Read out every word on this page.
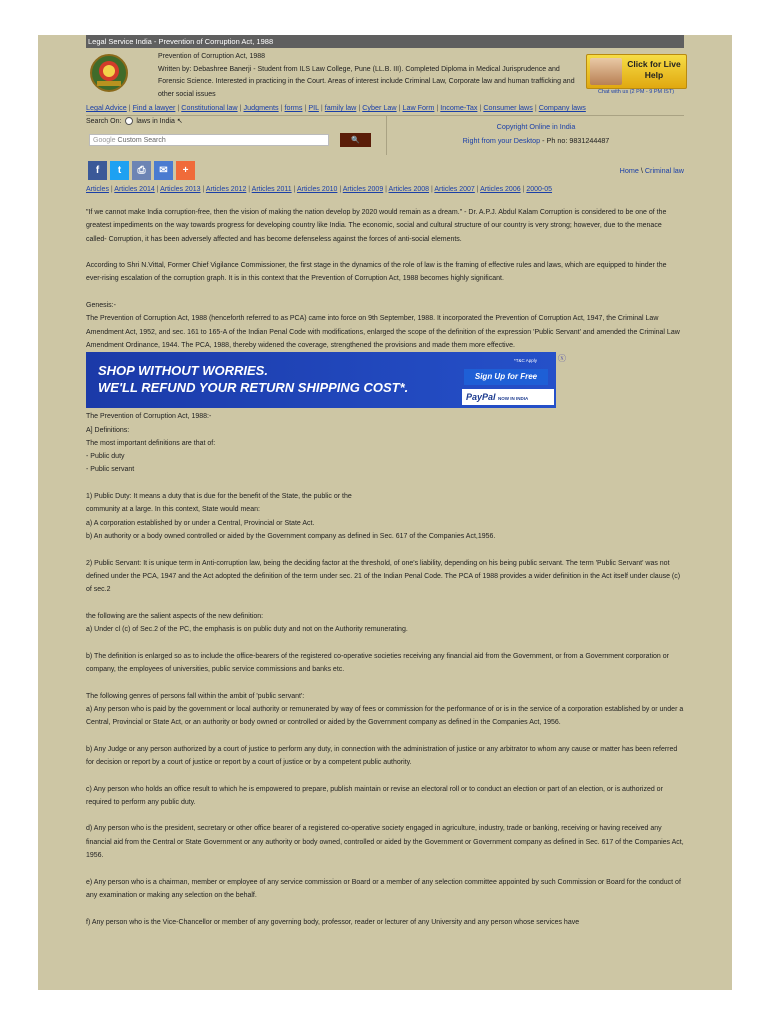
Legal Service India - Prevention of Corruption Act, 1988
Prevention of Corruption Act, 1988
Written by: Debashree Banerji - Student from ILS Law College, Pune (LL.B. III). Completed Diploma in Medical Jurisprudence and Forensic Science. Interested in practicing in the Court. Areas of interest include Criminal Law, Corporate law and human trafficking and other social issues
Click for Live Help
Chat with us (2 PM - 9 PM IST)
Legal Advice | Find a lawyer | Constitutional law | Judgments | forms | PIL | family law | Cyber Law | Law Form | Income-Tax | Consumer laws | Company laws
Search On: laws in India ↖
Google Custom Search	🔍
Copyright Online in India
Right from your Desktop - Ph no: 9831244487
f	t	⎙	✉	+	Home \ Criminal law
Articles | Articles 2014 | Articles 2013 | Articles 2012 | Articles 2011 | Articles 2010 | Articles 2009 | Articles 2008 | Articles 2007 | Articles 2006 | 2000-05

"If we cannot make India corruption-free, then the vision of making the nation develop by 2020 would remain as a dream." - Dr. A.P.J. Abdul Kalam Corruption is considered to be one of the greatest impediments on the way towards progress for developing country like India. The economic, social and cultural structure of our country is very strong; however, due to the menace called- Corruption, it has been adversely affected and has become defenseless against the forces of anti-social elements.

According to Shri N.Vittal, Former Chief Vigilance Commissioner, the first stage in the dynamics of the role of law is the framing of effective rules and laws, which are equipped to hinder the ever-rising escalation of the corruption graph. It is in this context that the Prevention of Corruption Act, 1988 becomes highly significant.

Genesis:-
The Prevention of Corruption Act, 1988 (henceforth referred to as PCA) came into force on 9th September, 1988. It incorporated the Prevention of Corruption Act, 1947, the Criminal Law Amendment Act, 1952, and sec. 161 to 165-A of the Indian Penal Code with modifications, enlarged the scope of the definition of the expression 'Public Servant' and amended the Criminal Law Amendment Ordinance, 1944. The PCA, 1988, thereby widened the coverage, strengthened the provisions and made them more effective.

SHOP WITHOUT WORRIES.
WE'LL REFUND YOUR RETURN SHIPPING COST*.
*T&C Apply
Sign Up for Free
PayPal NOW IN INDIA
ⓧ

The Prevention of Corruption Act, 1988:-
A] Definitions:
The most important definitions are that of:
- Public duty
- Public servant

1) Public Duty: It means a duty that is due for the benefit of the State, the public or the
community at a large. In this context, State would mean:
a) A corporation established by or under a Central, Provincial or State Act.
b) An authority or a body owned controlled or aided by the Government company as defined in Sec. 617 of the Companies Act,1956.

2) Public Servant: It is unique term in Anti-corruption law, being the deciding factor at the threshold, of one's liability, depending on his being public servant. The term 'Public Servant' was not defined under the PCA, 1947 and the Act adopted the definition of the term under sec. 21 of the Indian Penal Code. The PCA of 1988 provides a wider definition in the Act itself under clause (c) of sec.2

the following are the salient aspects of the new definition:
a) Under cl (c) of Sec.2 of the PC, the emphasis is on public duty and not on the Authority remunerating.

b) The definition is enlarged so as to include the office-bearers of the registered co-operative societies receiving any financial aid from the Government, or from a Government corporation or company, the employees of universities, public service commissions and banks etc.

The following genres of persons fall within the ambit of 'public servant':
a) Any person who is paid by the government or local authority or remunerated by way of fees or commission for the performance of or is in the service of a corporation established by or under a Central, Provincial or State Act, or an authority or body owned or controlled or aided by the Government company as defined in the Companies Act, 1956.

b) Any Judge or any person authorized by a court of justice to perform any duty, in connection with the administration of justice or any arbitrator to whom any cause or matter has been referred for decision or report by a court of justice or report by a court of justice or by a competent public authority.

c) Any person who holds an office result to which he is empowered to prepare, publish maintain or revise an electoral roll or to conduct an election or part of an election, or is authorized or required to perform any public duty.

d) Any person who is the president, secretary or other office bearer of a registered co-operative society engaged in agriculture, industry, trade or banking, receiving or having received any financial aid from the Central or State Government or any authority or body owned, controlled or aided by the Government or Government company as defined in Sec. 617 of the Companies Act, 1956.

e) Any person who is a chairman, member or employee of any service commission or Board or a member of any selection committee appointed by such Commission or Board for the conduct of any examination or making any selection on the behalf.

f) Any person who is the Vice-Chancellor or member of any governing body, professor, reader or lecturer of any University and any person whose services have
